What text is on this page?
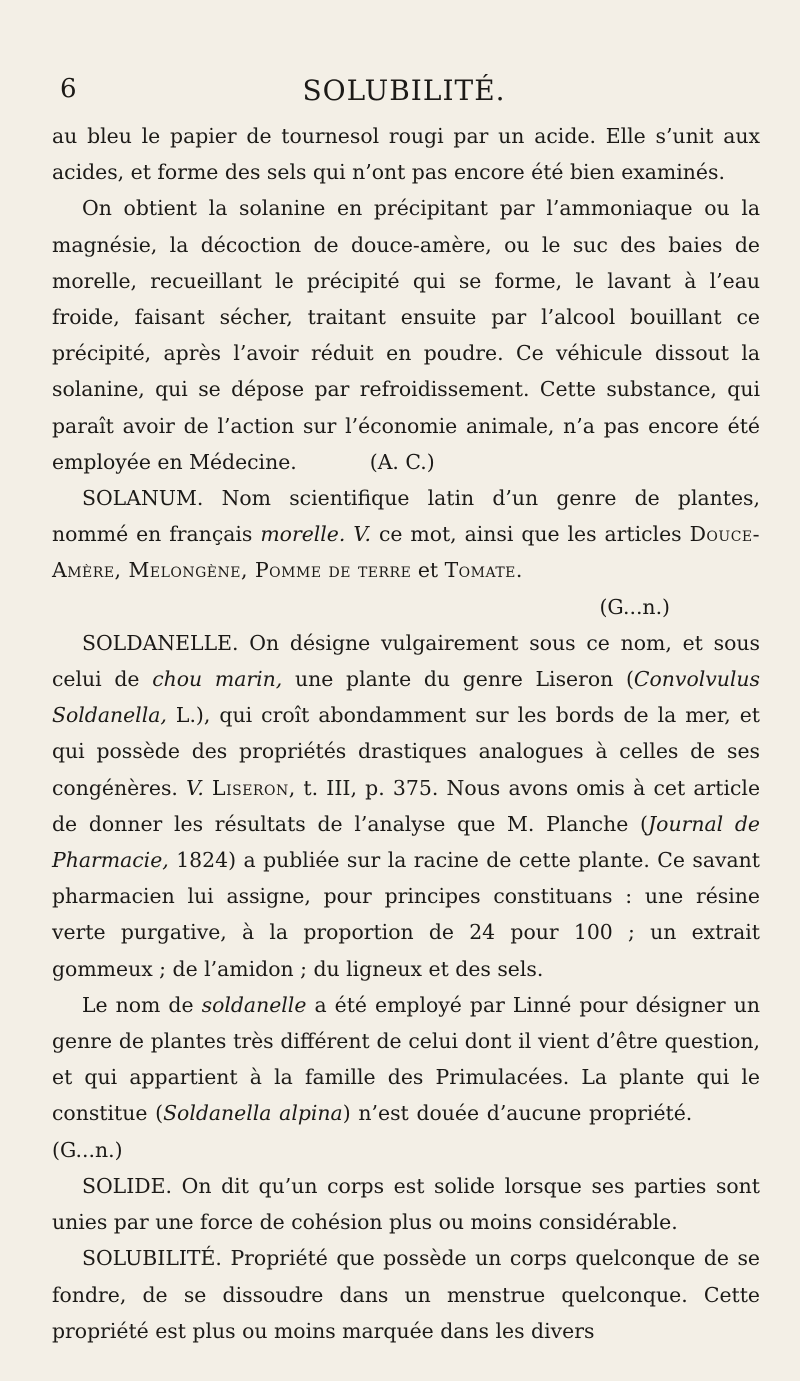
6	SOLUBILITÉ.

au bleu le papier de tournesol rougi par un acide. Elle s’unit aux acides, et forme des sels qui n’ont pas encore été bien examinés.

On obtient la solanine en précipitant par l’ammoniaque ou la magnésie, la décoction de douce-amère, ou le suc des baies de morelle, recueillant le précipité qui se forme, le lavant à l’eau froide, faisant sécher, traitant ensuite par l’alcool bouillant ce précipité, après l’avoir réduit en poudre. Ce véhicule dissout la solanine, qui se dépose par refroidissement. Cette substance, qui paraît avoir de l’action sur l’économie animale, n’a pas encore été employée en Médecine.	(A. C.)

SOLANUM. Nom scientifique latin d’un genre de plantes, nommé en français morelle. V. ce mot, ainsi que les articles Douce-Amère, Melongène, Pomme de terre et Tomate.

(G...n.)

SOLDANELLE. On désigne vulgairement sous ce nom, et sous celui de chou marin, une plante du genre Liseron (Convolvulus Soldanella, L.), qui croît abondamment sur les bords de la mer, et qui possède des propriétés drastiques analogues à celles de ses congénères. V. Liseron, t. III, p. 375. Nous avons omis à cet article de donner les résultats de l’analyse que M. Planche (Journal de Pharmacie, 1824) a publiée sur la racine de cette plante. Ce savant pharmacien lui assigne, pour principes constituans : une résine verte purgative, à la proportion de 24 pour 100 ; un extrait gommeux ; de l’amidon ; du ligneux et des sels.

Le nom de soldanelle a été employé par Linné pour désigner un genre de plantes très différent de celui dont il vient d’être question, et qui appartient à la famille des Primulacées. La plante qui le constitue (Soldanella alpina) n’est douée d’aucune propriété.  (G...n.)

SOLIDE. On dit qu’un corps est solide lorsque ses parties sont unies par une force de cohésion plus ou moins considérable.

SOLUBILITÉ. Propriété que possède un corps quelconque de se fondre, de se dissoudre dans un menstrue quelconque. Cette propriété est plus ou moins marquée dans les divers
